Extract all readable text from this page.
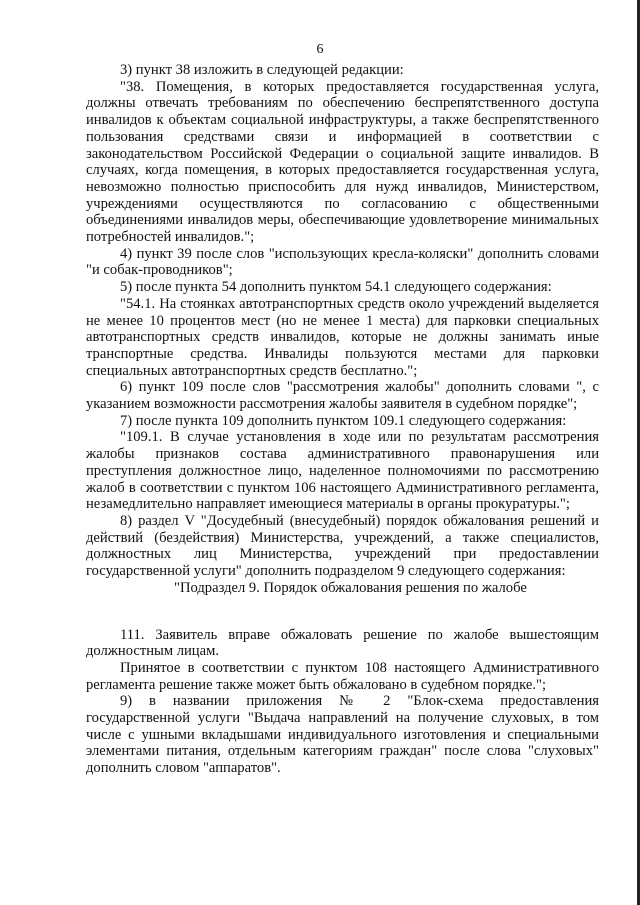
6

3) пункт 38 изложить в следующей редакции:

"38. Помещения, в которых предоставляется государственная услуга, должны отвечать требованиям по обеспечению беспрепятственного доступа инвалидов к объектам социальной инфраструктуры, а также беспрепятственного пользования средствами связи и информацией в соответствии с законодательством Российской Федерации о социальной защите инвалидов. В случаях, когда помещения, в которых предоставляется государственная услуга, невозможно полностью приспособить для нужд инвалидов, Министерством, учреждениями осуществляются по согласованию с общественными объединениями инвалидов меры, обеспечивающие удовлетворение минимальных потребностей инвалидов.";

4) пункт 39 после слов "использующих кресла-коляски" дополнить словами "и собак-проводников";

5) после пункта 54 дополнить пунктом 54.1 следующего содержания:

"54.1. На стоянках автотранспортных средств около учреждений выделяется не менее 10 процентов мест (но не менее 1 места) для парковки специальных автотранспортных средств инвалидов, которые не должны занимать иные транспортные средства. Инвалиды пользуются местами для парковки специальных автотранспортных средств бесплатно.";

6) пункт 109 после слов "рассмотрения жалобы" дополнить словами ", с указанием возможности рассмотрения жалобы заявителя в судебном порядке";

7) после пункта 109 дополнить пунктом 109.1 следующего содержания:

"109.1. В случае установления в ходе или по результатам рассмотрения жалобы признаков состава административного правонарушения или преступления должностное лицо, наделенное полномочиями по рассмотрению жалоб в соответствии с пунктом 106 настоящего Административного регламента, незамедлительно направляет имеющиеся материалы в органы прокуратуры.";

8) раздел V "Досудебный (внесудебный) порядок обжалования решений и действий (бездействия) Министерства, учреждений, а также специалистов, должностных лиц Министерства, учреждений при предоставлении государственной услуги" дополнить подразделом 9 следующего содержания:

"Подраздел 9. Порядок обжалования решения по жалобе

111. Заявитель вправе обжаловать решение по жалобе вышестоящим должностным лицам.

Принятое в соответствии с пунктом 108 настоящего Административного регламента решение также может быть обжаловано в судебном порядке.";

9) в названии приложения № 2 "Блок-схема предоставления государственной услуги "Выдача направлений на получение слуховых, в том числе с ушными вкладышами индивидуального изготовления и специальными элементами питания, отдельным категориям граждан" после слова "слуховых" дополнить словом "аппаратов".
